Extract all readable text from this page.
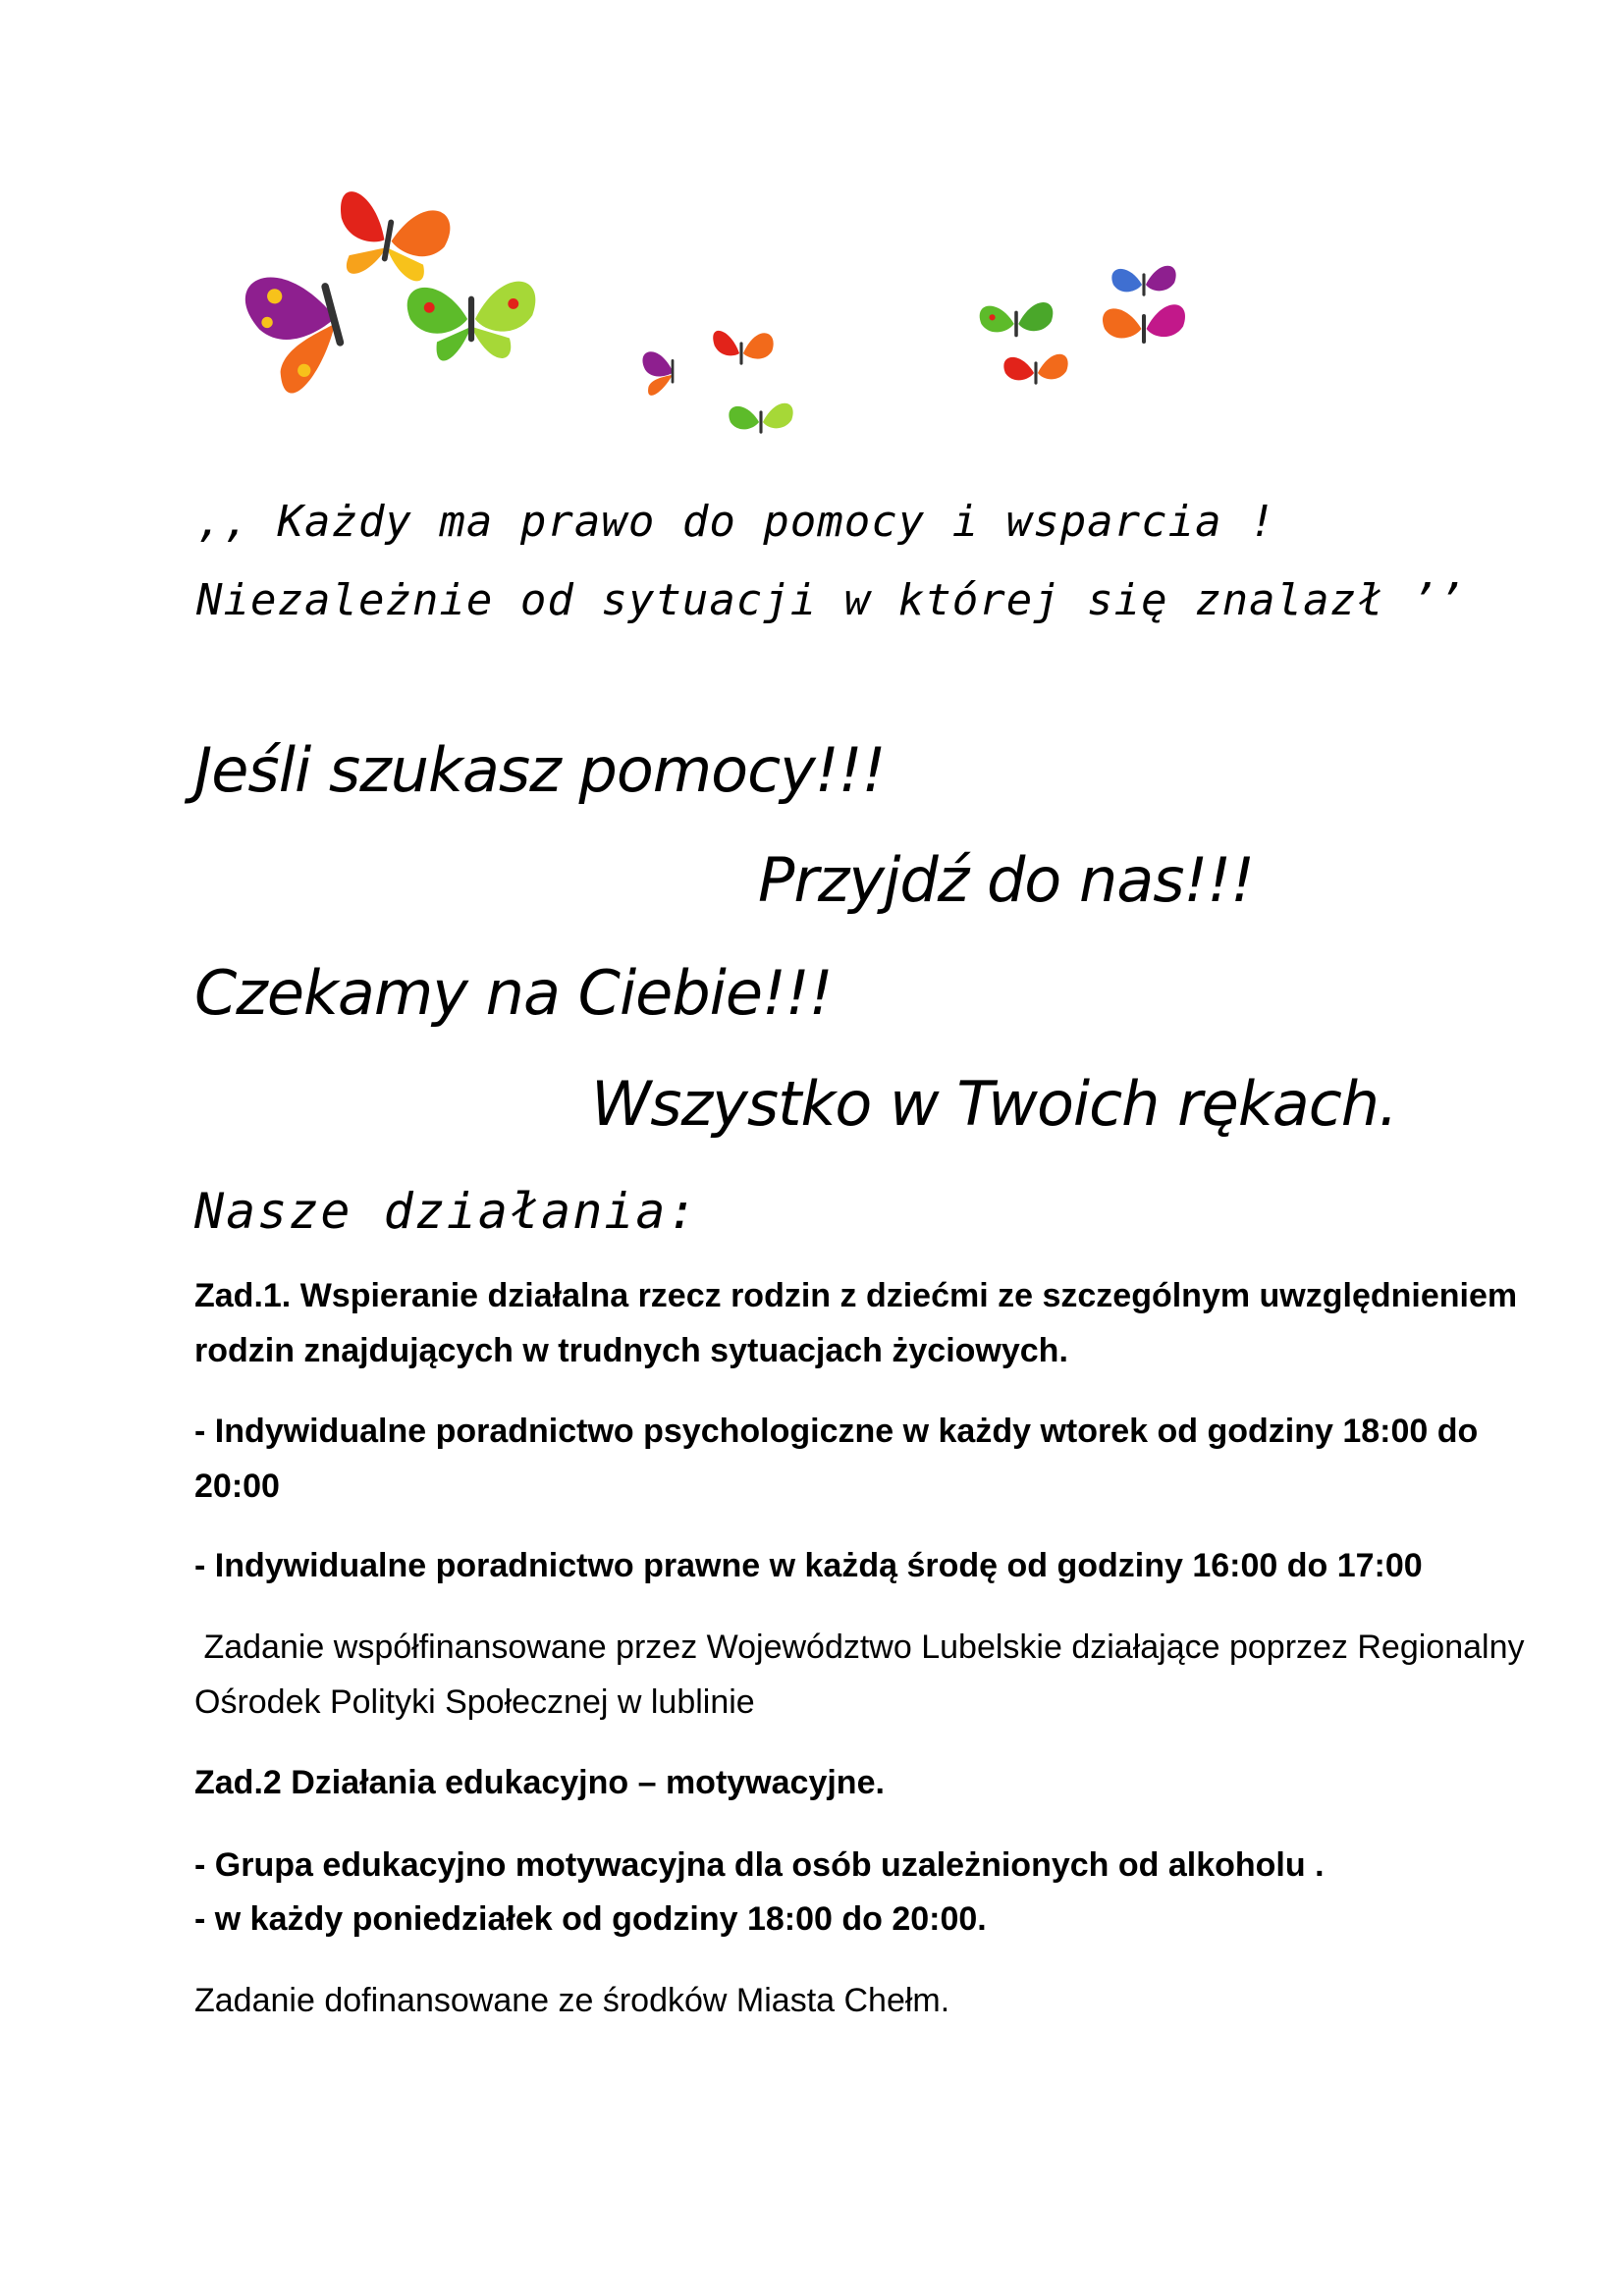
,, Każdy ma prawo do pomocy i wsparcia !
Niezależnie od sytuacji w której się znalazł ’’
Jeśli szukasz pomocy!!!
Przyjdź do nas!!!
Czekamy na Ciebie!!!
Wszystko w Twoich rękach.
Nasze działania:
Zad.1. Wspieranie działalna rzecz rodzin z dziećmi ze szczególnym uwzględnieniem rodzin znajdujących w trudnych sytuacjach życiowych.
- Indywidualne poradnictwo psychologiczne w każdy wtorek od godziny 18:00 do 20:00
- Indywidualne poradnictwo prawne w każdą środę od godziny 16:00 do 17:00
Zadanie współfinansowane przez Województwo Lubelskie działające poprzez Regionalny Ośrodek Polityki Społecznej w lublinie
Zad.2 Działania edukacyjno – motywacyjne.
- Grupa edukacyjno motywacyjna dla osób uzależnionych od alkoholu .
- w każdy poniedziałek od godziny 18:00 do 20:00.
Zadanie dofinansowane ze środków Miasta Chełm.
